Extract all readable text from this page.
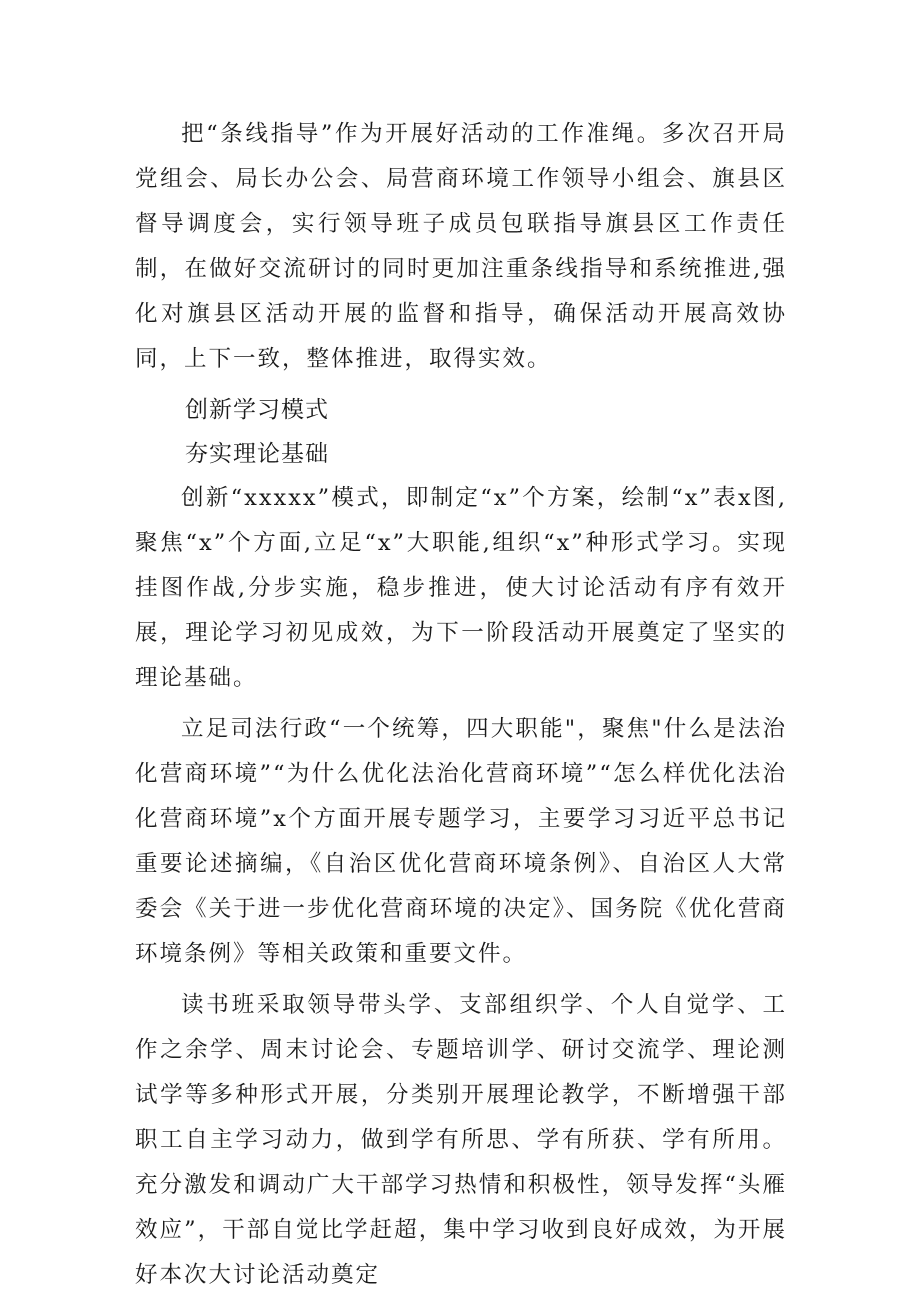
把“条线指导”作为开展好活动的工作准绳。多次召开局党组会、局长办公会、局营商环境工作领导小组会、旗县区督导调度会，实行领导班子成员包联指导旗县区工作责任制，在做好交流研讨的同时更加注重条线指导和系统推进,强化对旗县区活动开展的监督和指导，确保活动开展高效协同，上下一致，整体推进，取得实效。

创新学习模式

夯实理论基础

创新“xxxxx”模式，即制定“x”个方案，绘制“x”表x图,聚焦“x”个方面,立足“x”大职能,组织“x”种形式学习。实现挂图作战,分步实施，稳步推进，使大讨论活动有序有效开展，理论学习初见成效，为下一阶段活动开展奠定了坚实的理论基础。

立足司法行政“一个统筹，四大职能"，聚焦"什么是法治化营商环境”“为什么优化法治化营商环境”“怎么样优化法治化营商环境”x个方面开展专题学习，主要学习习近平总书记重要论述摘编，《自治区优化营商环境条例》、自治区人大常委会《关于进一步优化营商环境的决定》、国务院《优化营商环境条例》等相关政策和重要文件。

读书班采取领导带头学、支部组织学、个人自觉学、工作之余学、周末讨论会、专题培训学、研讨交流学、理论测试学等多种形式开展，分类别开展理论教学，不断增强干部职工自主学习动力，做到学有所思、学有所获、学有所用。充分激发和调动广大干部学习热情和积极性，领导发挥“头雁效应”，干部自觉比学赶超，集中学习收到良好成效，为开展好本次大讨论活动奠定
